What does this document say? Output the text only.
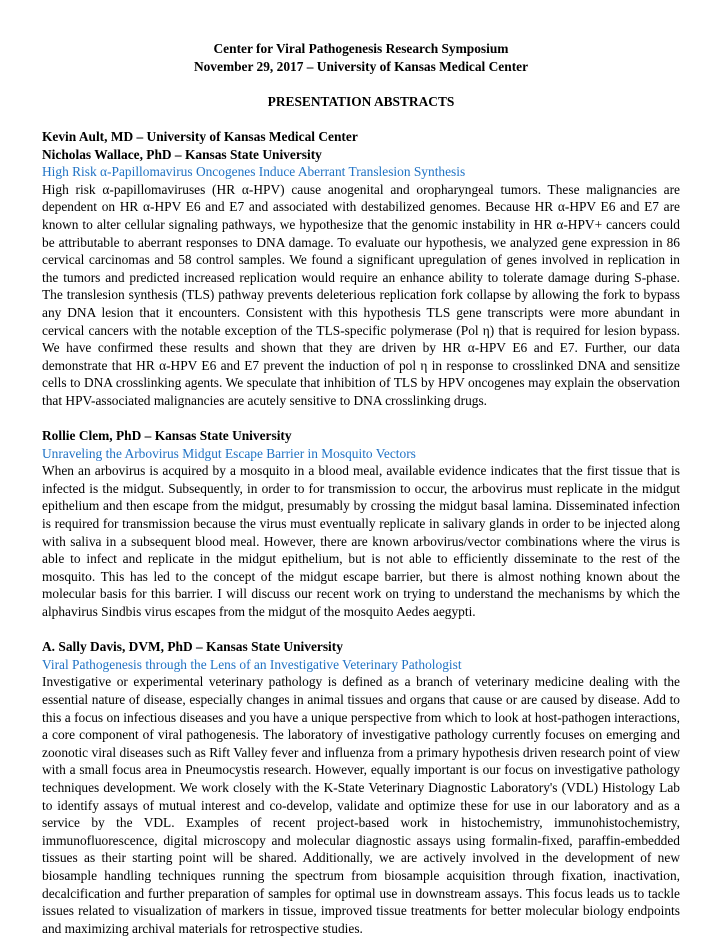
Center for Viral Pathogenesis Research Symposium
November 29, 2017 – University of Kansas Medical Center
PRESENTATION ABSTRACTS
Kevin Ault, MD – University of Kansas Medical Center
Nicholas Wallace, PhD – Kansas State University
High Risk α-Papillomavirus Oncogenes Induce Aberrant Translesion Synthesis
High risk α-papillomaviruses (HR α-HPV) cause anogenital and oropharyngeal tumors. These malignancies are dependent on HR α-HPV E6 and E7 and associated with destabilized genomes. Because HR α-HPV E6 and E7 are known to alter cellular signaling pathways, we hypothesize that the genomic instability in HR α-HPV+ cancers could be attributable to aberrant responses to DNA damage. To evaluate our hypothesis, we analyzed gene expression in 86 cervical carcinomas and 58 control samples. We found a significant upregulation of genes involved in replication in the tumors and predicted increased replication would require an enhance ability to tolerate damage during S-phase. The translesion synthesis (TLS) pathway prevents deleterious replication fork collapse by allowing the fork to bypass any DNA lesion that it encounters. Consistent with this hypothesis TLS gene transcripts were more abundant in cervical cancers with the notable exception of the TLS-specific polymerase (Pol η) that is required for lesion bypass. We have confirmed these results and shown that they are driven by HR α-HPV E6 and E7. Further, our data demonstrate that HR α-HPV E6 and E7 prevent the induction of pol η in response to crosslinked DNA and sensitize cells to DNA crosslinking agents. We speculate that inhibition of TLS by HPV oncogenes may explain the observation that HPV-associated malignancies are acutely sensitive to DNA crosslinking drugs.
Rollie Clem, PhD – Kansas State University
Unraveling the Arbovirus Midgut Escape Barrier in Mosquito Vectors
When an arbovirus is acquired by a mosquito in a blood meal, available evidence indicates that the first tissue that is infected is the midgut. Subsequently, in order to for transmission to occur, the arbovirus must replicate in the midgut epithelium and then escape from the midgut, presumably by crossing the midgut basal lamina. Disseminated infection is required for transmission because the virus must eventually replicate in salivary glands in order to be injected along with saliva in a subsequent blood meal. However, there are known arbovirus/vector combinations where the virus is able to infect and replicate in the midgut epithelium, but is not able to efficiently disseminate to the rest of the mosquito. This has led to the concept of the midgut escape barrier, but there is almost nothing known about the molecular basis for this barrier. I will discuss our recent work on trying to understand the mechanisms by which the alphavirus Sindbis virus escapes from the midgut of the mosquito Aedes aegypti.
A. Sally Davis, DVM, PhD – Kansas State University
Viral Pathogenesis through the Lens of an Investigative Veterinary Pathologist
Investigative or experimental veterinary pathology is defined as a branch of veterinary medicine dealing with the essential nature of disease, especially changes in animal tissues and organs that cause or are caused by disease. Add to this a focus on infectious diseases and you have a unique perspective from which to look at host-pathogen interactions, a core component of viral pathogenesis. The laboratory of investigative pathology currently focuses on emerging and zoonotic viral diseases such as Rift Valley fever and influenza from a primary hypothesis driven research point of view with a small focus area in Pneumocystis research. However, equally important is our focus on investigative pathology techniques development. We work closely with the K-State Veterinary Diagnostic Laboratory's (VDL) Histology Lab to identify assays of mutual interest and co-develop, validate and optimize these for use in our laboratory and as a service by the VDL. Examples of recent project-based work in histochemistry, immunohistochemistry, immunofluorescence, digital microscopy and molecular diagnostic assays using formalin-fixed, paraffin-embedded tissues as their starting point will be shared. Additionally, we are actively involved in the development of new biosample handling techniques running the spectrum from biosample acquisition through fixation, inactivation, decalcification and further preparation of samples for optimal use in downstream assays. This focus leads us to tackle issues related to visualization of markers in tissue, improved tissue treatments for better molecular biology endpoints and maximizing archival materials for retrospective studies.
